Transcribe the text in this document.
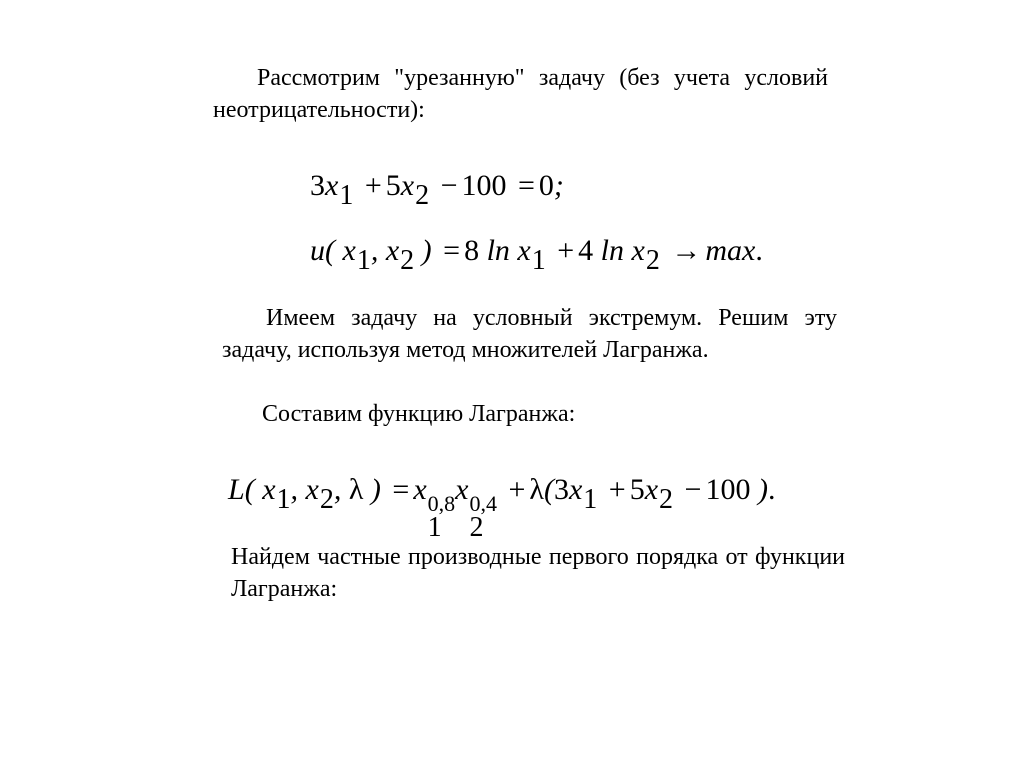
Рассмотрим "урезанную" задачу (без учета условий неотрицательности):
3x1 + 5x2 − 100 = 0;
u( x1, x2 ) = 8 ln x1 + 4 ln x2 → max.
Имеем задачу на условный экстремум. Решим эту задачу, используя метод множителей Лагранжа.
Составим функцию Лагранжа:
L( x1, x2, λ ) = x 0,8
1
x 0,4
2
+ λ(3x1 + 5x2 − 100 ).
Найдем частные производные первого порядка от функции Лагранжа:
